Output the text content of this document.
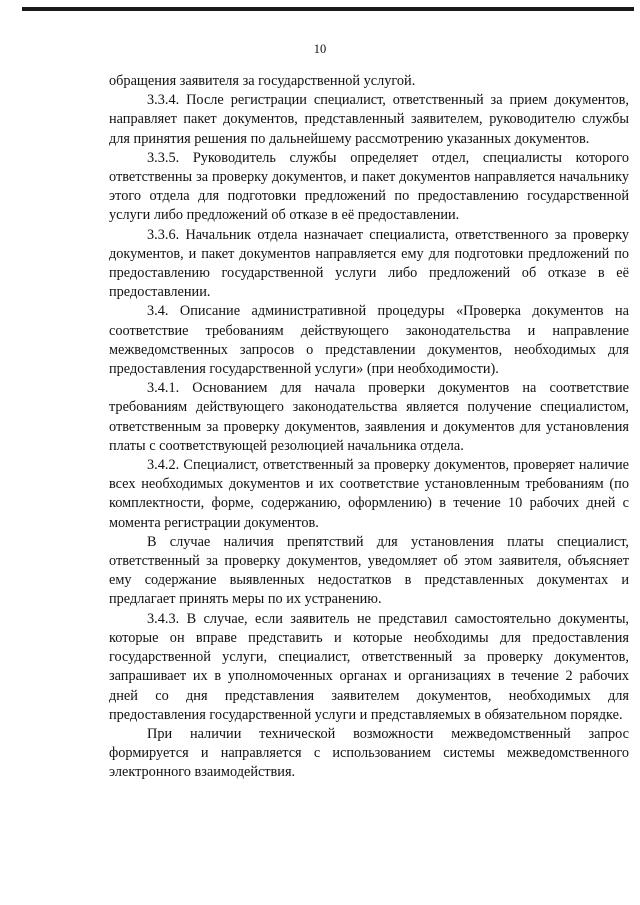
10

обращения заявителя за государственной услугой.

3.3.4. После регистрации специалист, ответственный за прием документов, направляет пакет документов, представленный заявителем, руководителю службы для принятия решения по дальнейшему рассмотрению указанных документов.

3.3.5. Руководитель службы определяет отдел, специалисты которого ответственны за проверку документов, и пакет документов направляется начальнику этого отдела для подготовки предложений по предоставлению государственной услуги либо предложений об отказе в её предоставлении.

3.3.6. Начальник отдела назначает специалиста, ответственного за проверку документов, и пакет документов направляется ему для подготовки предложений по предоставлению государственной услуги либо предложений об отказе в её предоставлении.

3.4. Описание административной процедуры «Проверка документов на соответствие требованиям действующего законодательства и направление межведомственных запросов о представлении документов, необходимых для предоставления государственной услуги» (при необходимости).

3.4.1. Основанием для начала проверки документов на соответствие требованиям действующего законодательства является получение специалистом, ответственным за проверку документов, заявления и документов для установления платы с соответствующей резолюцией начальника отдела.

3.4.2. Специалист, ответственный за проверку документов, проверяет наличие всех необходимых документов и их соответствие установленным требованиям (по комплектности, форме, содержанию, оформлению) в течение 10 рабочих дней с момента регистрации документов.

В случае наличия препятствий для установления платы специалист, ответственный за проверку документов, уведомляет об этом заявителя, объясняет ему содержание выявленных недостатков в представленных документах и предлагает принять меры по их устранению.

3.4.3. В случае, если заявитель не представил самостоятельно документы, которые он вправе представить и которые необходимы для предоставления государственной услуги, специалист, ответственный за проверку документов, запрашивает их в уполномоченных органах и организациях в течение 2 рабочих дней со дня представления заявителем документов, необходимых для предоставления государственной услуги и представляемых в обязательном порядке.

При наличии технической возможности межведомственный запрос формируется и направляется с использованием системы межведомственного электронного взаимодействия.
